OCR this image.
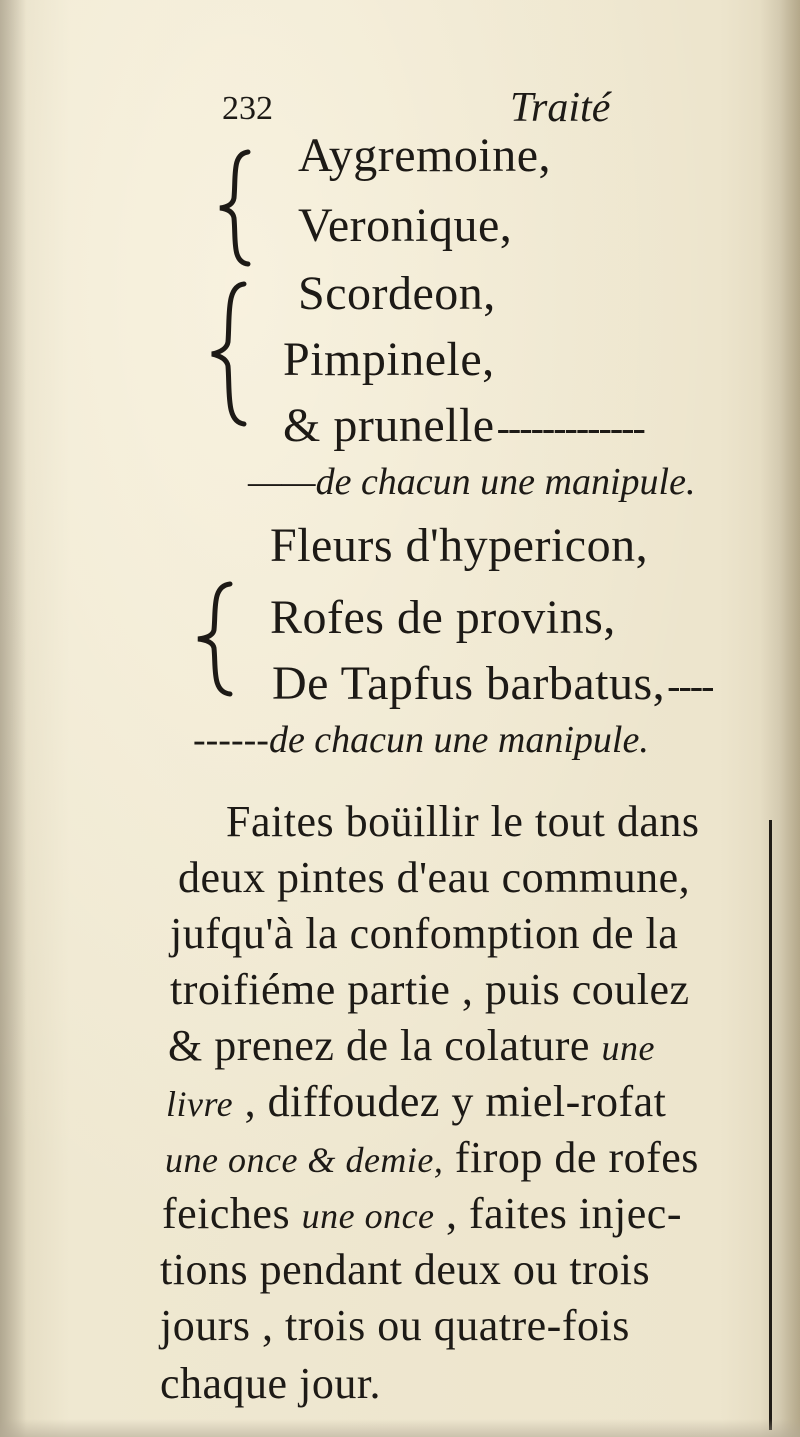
232	Traité
Aygremoine,
Veronique,
Scordeon,
Pimpinele,
& prunelle-------------
——de chacun une manipule.
Fleurs d'hypericon,
Rofes de provins,
De Tapfus barbatus,----
------de chacun une manipule.
Faites boüillir le tout dans
deux pintes d'eau commune,
jufqu'à la confomption de la
troifiéme partie , puis coulez
& prenez de la colature une
livre , diffoudez y miel-rofat
une once & demie, firop de rofes
feiches une once , faites injec-
tions pendant deux ou trois
jours , trois ou quatre-fois
chaque jour.
